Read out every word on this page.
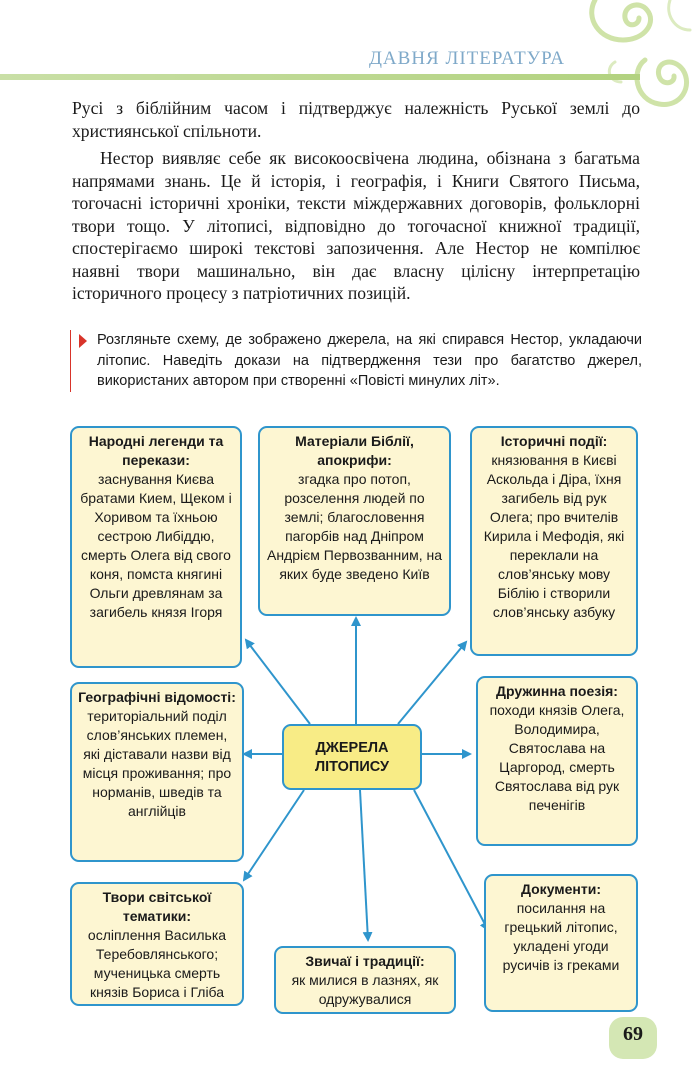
ДАВНЯ ЛІТЕРАТУРА

Русі з біблійним часом і підтверджує належність Руської землі до християнської спільноти.

Нестор виявляє себе як високоосвічена людина, обізнана з багатьма напрямами знань. Це й історія, і географія, і Книги Святого Письма, тогочасні історичні хроніки, тексти міждержавних договорів, фольклорні твори тощо. У літописі, відповідно до тогочасної книжної традиції, спостерігаємо широкі текстові запозичення. Але Нестор не компілює наявні твори машинально, він дає власну цілісну інтерпретацію історичного процесу з патріотичних позицій.

Розгляньте схему, де зображено джерела, на які спирався Нестор, укладаючи літопис. Наведіть докази на підтвердження тези про багатство джерел, використаних автором при створенні «Повісті минулих літ».
Народні легенди та перекази:
заснування Києва братами Кием, Щеком і Хоривом та їхньою сестрою Либіддю, смерть Олега від свого коня, помста княгині Ольги древлянам за загибель князя Ігоря
Матеріали Біблії, апокрифи:
згадка про потоп, розселення людей по землі; благословення пагорбів над Дніпром Андрієм Первозванним, на яких буде зведено Київ
Історичні події:
князювання в Києві Аскольда і Діра, їхня загибель від рук Олега; про вчителів Кирила і Мефодія, які переклали на слов’янську мову Біблію і створили слов’янську азбуку
Географічні відомості:
територіальний поділ слов’янських племен, які діставали назви від місця проживання; про норманів, шведів та англійців
ДЖЕРЕЛА
ЛІТОПИСУ
Дружинна поезія: походи князів Олега, Володимира, Святослава на Царгород, смерть Святослава від рук печенігів
Твори світської тематики:
осліплення Василька Теребовлянського; мученицька смерть князів Бориса і Гліба
Звичаї і традиції:
як милися в лазнях, як одружувалися
Документи:
посилання на грецький літопис, укладені угоди русичів із греками
69
